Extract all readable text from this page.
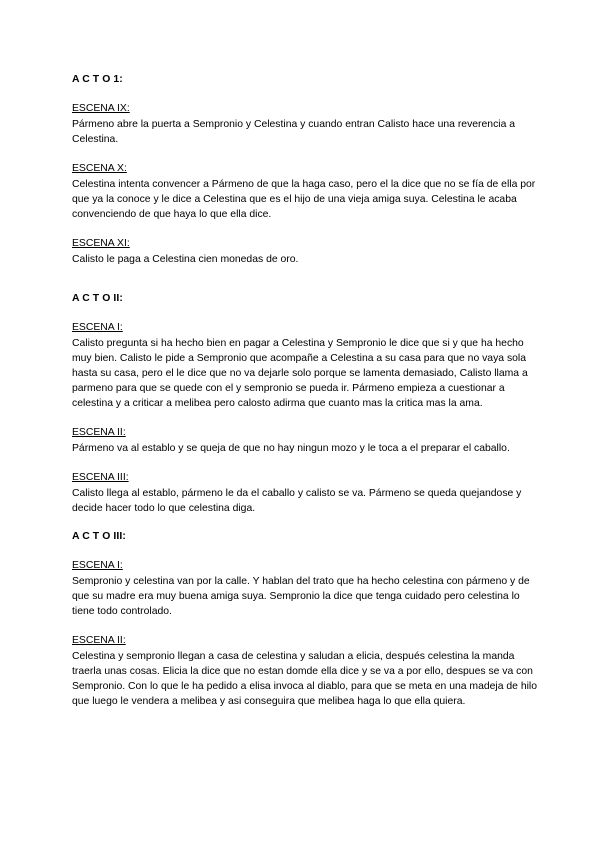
A C T O 1:
ESCENA IX:

Pármeno abre la puerta a Sempronio y Celestina y cuando entran Calisto hace una reverencia a Celestina.

ESCENA X:

Celestina intenta convencer a Pármeno de que la haga caso, pero el la dice que no se fía de ella por que ya la conoce y le dice a Celestina que es el hijo de una vieja amiga suya. Celestina le acaba convenciendo de que haya lo que ella dice.

ESCENA XI:

Calisto le paga a Celestina cien monedas de oro.

A C T O II:
ESCENA I:

Calisto pregunta si ha hecho bien en pagar a Celestina y Sempronio le dice que si y que ha hecho muy bien. Calisto le pide a Sempronio que acompañe a Celestina a su casa para que no vaya sola hasta su casa, pero el le dice que no va dejarle solo porque se lamenta demasiado, Calisto llama a parmeno para que se quede con el y sempronio se pueda ir. Pármeno empieza a cuestionar a celestina y a criticar a melibea pero calosto adirma que cuanto mas la critica mas la ama.

ESCENA II:

Pármeno va al establo y se queja de que no hay ningun mozo y le toca a el preparar el caballo.

ESCENA III:

Calisto llega al establo, pármeno le da el caballo y calisto se va. Pármeno se queda quejandose y decide hacer todo lo que celestina diga.

A C T O III:
ESCENA I:

Sempronio y celestina van por la calle. Y hablan del trato que ha hecho celestina con pármeno y de que su madre era muy buena amiga suya. Sempronio la dice que tenga cuidado pero celestina lo tiene todo controlado.

ESCENA II:

Celestina y sempronio llegan a casa de celestina y saludan a elicia, después celestina la manda traerla unas cosas. Elicia la dice que no estan domde ella dice y se va a por ello, despues se va con Sempronio. Con lo que le ha pedido a elisa invoca al diablo, para que se meta en una madeja de hilo que luego le vendera a melibea y asi conseguira que melibea haga lo que ella quiera.
